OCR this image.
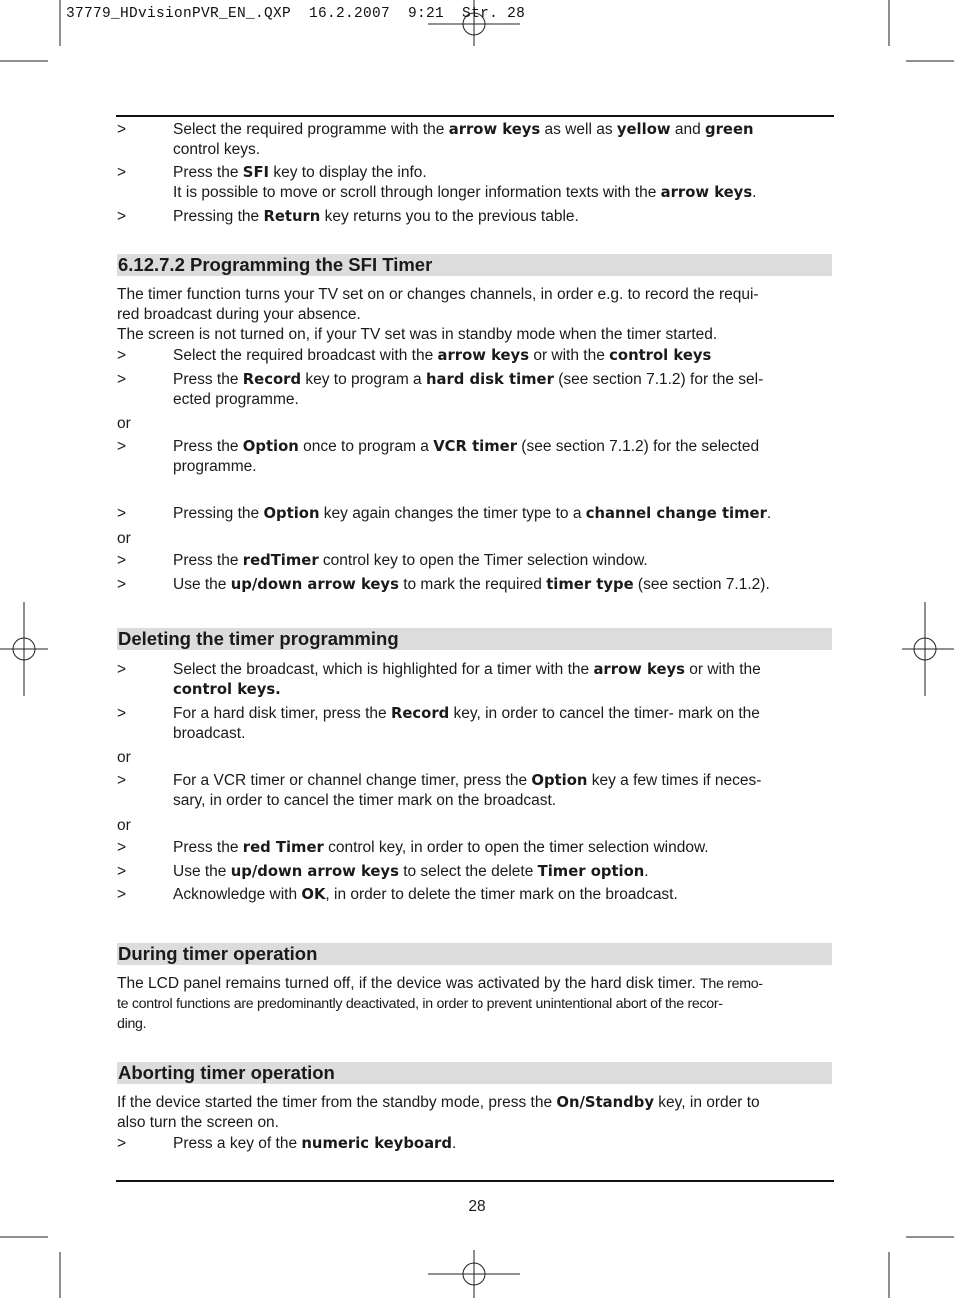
37779_HDvisionPVR_EN_.QXP  16.2.2007  9:21  Str. 28
>	Select the required programme with the arrow keys as well as yellow and green
control keys.
>	Press the SFI key to display the info.
It is possible to move or scroll through longer information texts with the arrow keys.
>	Pressing the Return key returns you to the previous table.
6.12.7.2 Programming the SFI Timer
The timer function turns your TV set on or changes channels, in order e.g. to record the requi-
red broadcast during your absence.
The screen is not turned on, if your TV set was in standby mode when the timer started.
>	Select the required broadcast with the arrow keys or with the control keys
>	Press the Record key to program a hard disk timer (see section 7.1.2) for the sel-
ected programme.
or
>	Press the Option once to program a VCR timer (see section 7.1.2) for the selected
programme.
>	Pressing the Option key again changes the timer type to a channel change timer.
or
>	Press the redTimer control key to open the Timer selection window.
>	Use the up/down arrow keys to mark the required timer type (see section 7.1.2).
Deleting the timer programming
>	Select the broadcast, which is highlighted for a timer with the arrow keys or with the
control keys.
>	For a hard disk timer, press the Record key, in order to cancel the timer- mark on the
broadcast.
or
>	For a VCR timer or channel change timer, press the Option key a few times if neces-
sary, in order to cancel the timer mark on the broadcast.
or
>	Press the red Timer control key, in order to open the timer selection window.
>	Use the up/down arrow keys to select the delete Timer option.
>	Acknowledge with OK, in order to delete the timer mark on the broadcast.
During timer operation
The LCD panel remains turned off, if the device was activated by the hard disk timer. The remo-
te control functions are predominantly deactivated, in order to prevent unintentional abort of the recor-
ding.
Aborting timer operation
If the device started the timer from the standby mode, press the On/Standby key, in order to
also turn the screen on.
>	Press a key of the numeric keyboard.
28
